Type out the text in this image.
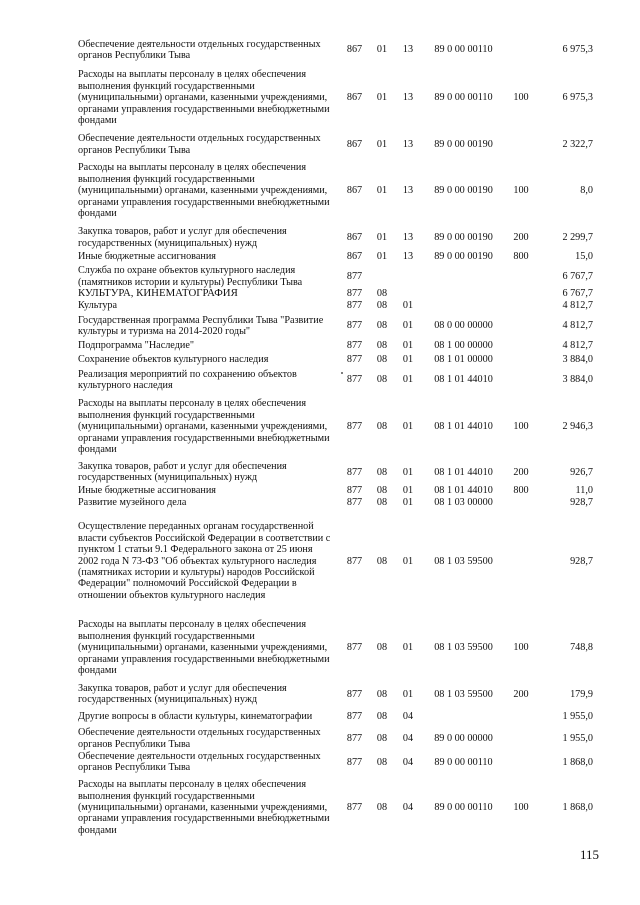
Обеспечение деятельности отдельных государственных органов Республики Тыва	867	01	13	89 0 00 00110		6 975,3
Расходы на выплаты персоналу в целях обеспечения выполнения функций государственными (муниципальными) органами, казенными учреждениями, органами управления государственными внебюджетными фондами	867	01	13	89 0 00 00110	100	6 975,3
Обеспечение деятельности отдельных государственных органов Республики Тыва	867	01	13	89 0 00 00190		2 322,7
Расходы на выплаты персоналу в целях обеспечения выполнения функций государственными (муниципальными) органами, казенными учреждениями, органами управления государственными внебюджетными фондами	867	01	13	89 0 00 00190	100	8,0
Закупка товаров, работ и услуг для обеспечения государственных (муниципальных) нужд	867	01	13	89 0 00 00190	200	2 299,7
Иные бюджетные ассигнования	867	01	13	89 0 00 00190	800	15,0
Служба по охране объектов культурного наследия (памятников истории и культуры) Республики Тыва	877					6 767,7
КУЛЬТУРА, КИНЕМАТОГРАФИЯ	877	08				6 767,7
Культура	877	08	01			4 812,7
Государственная программа Республики Тыва "Развитие культуры и туризма на 2014-2020 годы"	877	08	01	08 0 00 00000		4 812,7
Подпрограмма "Наследие"	877	08	01	08 1 00 00000		4 812,7
Сохранение объектов культурного наследия	877	08	01	08 1 01 00000		3 884,0
Реализация мероприятий по сохранению объектов культурного наследия	877	08	01	08 1 01 44010		3 884,0
Расходы на выплаты персоналу в целях обеспечения выполнения функций государственными (муниципальными) органами, казенными учреждениями, органами управления государственными внебюджетными фондами	877	08	01	08 1 01 44010	100	2 946,3
Закупка товаров, работ и услуг для обеспечения государственных (муниципальных) нужд	877	08	01	08 1 01 44010	200	926,7
Иные бюджетные ассигнования	877	08	01	08 1 01 44010	800	11,0
Развитие музейного дела	877	08	01	08 1 03 00000		928,7
Осуществление переданных органам государственной власти субъектов Российской Федерации в соответствии с пунктом 1 статьи 9.1 Федерального закона от 25 июня 2002 года N 73-ФЗ "Об объектах культурного наследия (памятниках истории и культуры) народов Российской Федерации" полномочий Российской Федерации в отношении объектов культурного наследия	877	08	01	08 1 03 59500		928,7
Расходы на выплаты персоналу в целях обеспечения выполнения функций государственными (муниципальными) органами, казенными учреждениями, органами управления государственными внебюджетными фондами	877	08	01	08 1 03 59500	100	748,8
Закупка товаров, работ и услуг для обеспечения государственных (муниципальных) нужд	877	08	01	08 1 03 59500	200	179,9
Другие вопросы в области культуры, кинематографии	877	08	04			1 955,0
Обеспечение деятельности отдельных государственных органов Республики Тыва	877	08	04	89 0 00 00000		1 955,0
Обеспечение деятельности отдельных государственных органов Республики Тыва	877	08	04	89 0 00 00110		1 868,0
Расходы на выплаты персоналу в целях обеспечения выполнения функций государственными (муниципальными) органами, казенными учреждениями, органами управления государственными внебюджетными фондами	877	08	04	89 0 00 00110	100	1 868,0
115
